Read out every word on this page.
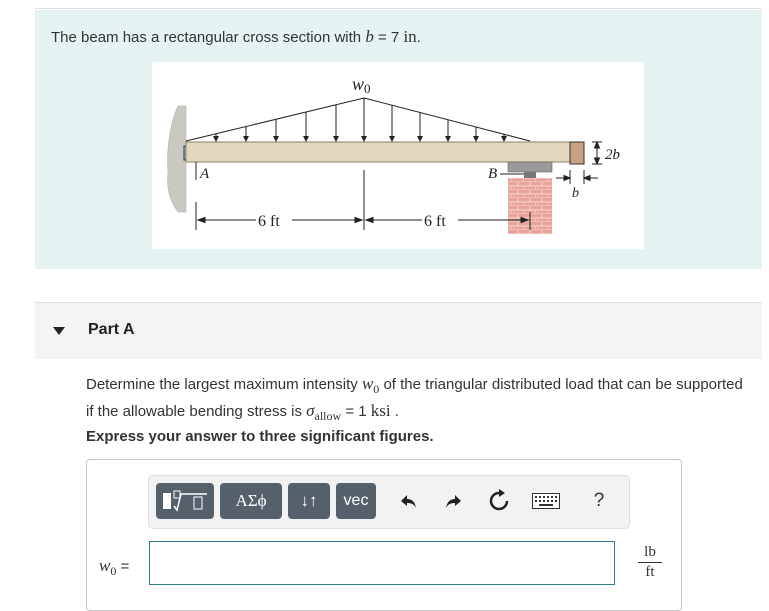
The beam has a rectangular cross section with b = 7 in.
w0
A	B
6 ft	6 ft
2b
b
Part A
Determine the largest maximum intensity $w_0$ of the triangular distributed load that can be supported if the allowable bending stress is $\sigma_{allow} = 1$ ksi .
Express your answer to three significant figures.
ΑΣϕ	↓↑	vec	?
$w_0$ =
lb
ft
